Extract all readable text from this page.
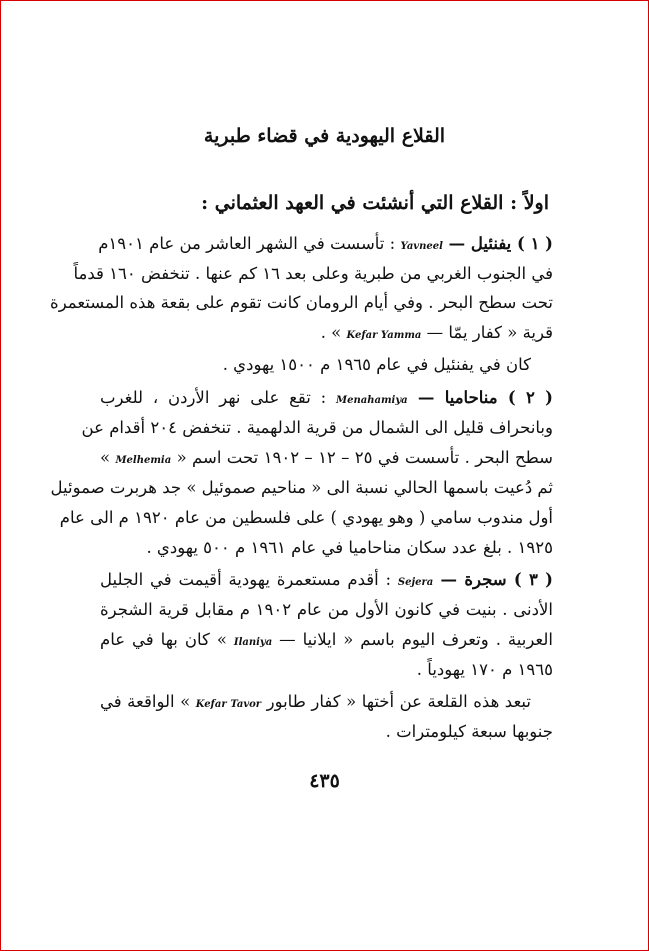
القلاع اليهودية في قضاء طبرية
اولاً : القلاع التي أنشئت في العهد العثماني :
( ١ ) يفنئيل — Yavneel : تأسست في الشهر العاشر من عام ١٩٠١م
في الجنوب الغربي من طبرية وعلى بعد ١٦ كم عنها . تنخفض ١٦٠ قدماً
تحت سطح البحر . وفي أيام الرومان كانت تقوم على بقعة هذه المستعمرة
قرية « كفار يمّا — Kefar Yamma » .
كان في يفنئيل في عام ١٩٦٥ م ١٥٠٠ يهودي .
( ٢ ) مناحاميا — Menahamiya : تقع على نهر الأردن ، للغرب
وبانحراف قليل الى الشمال من قرية الدلهمية . تنخفض ٢٠٤ أقدام عن
سطح البحر . تأسست في ٢٥ – ١٢ – ١٩٠٢ تحت اسم « Melhemia »
ثم دُعيت باسمها الحالي نسبة الى « مناحيم صموئيل » جد هربرت صموئيل
أول مندوب سامي ( وهو يهودي ) على فلسطين من عام ١٩٢٠ م الى عام
١٩٢٥ . بلغ عدد سكان مناحاميا في عام ١٩٦١ م ٥٠٠ يهودي .
( ٣ ) سجرة — Sejera : أقدم مستعمرة يهودية أقيمت في الجليل
الأدنى . بنيت في كانون الأول من عام ١٩٠٢ م مقابل قرية الشجرة
العربية . وتعرف اليوم باسم « ايلانيا — Ilaniya » كان بها في عام
١٩٦٥ م ١٧٠ يهودياً .
تبعد هذه القلعة عن أختها « كفار طابور Kefar Tavor » الواقعة في
جنوبها سبعة كيلومترات .
٤٣٥
